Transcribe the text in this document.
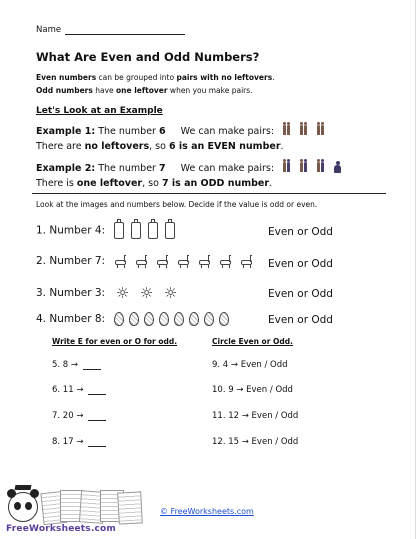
Name
What Are Even and Odd Numbers?
Even numbers can be grouped into pairs with no leftovers.
Odd numbers have one leftover when you make pairs.
Let's Look at an Example
Example 1: The number 6 We can make pairs:
There are no leftovers, so 6 is an EVEN number.
Example 2: The number 7 We can make pairs:
There is one leftover, so 7 is an ODD number.
Look at the images and numbers below. Decide if the value is odd or even.
1. Number 4:	Even or Odd
2. Number 7:	Even or Odd
3. Number 3: ☼ ☼ ☼	Even or Odd
4. Number 8:	Even or Odd
Write E for even or O for odd.	Circle Even or Odd.
5. 8 →
6. 11 →
7. 20 →
8. 17 →
9. 4 → Even / Odd
10. 9 → Even / Odd
11. 12 → Even / Odd
12. 15 → Even / Odd
FreeWorksheets.com
© FreeWorksheets.com
